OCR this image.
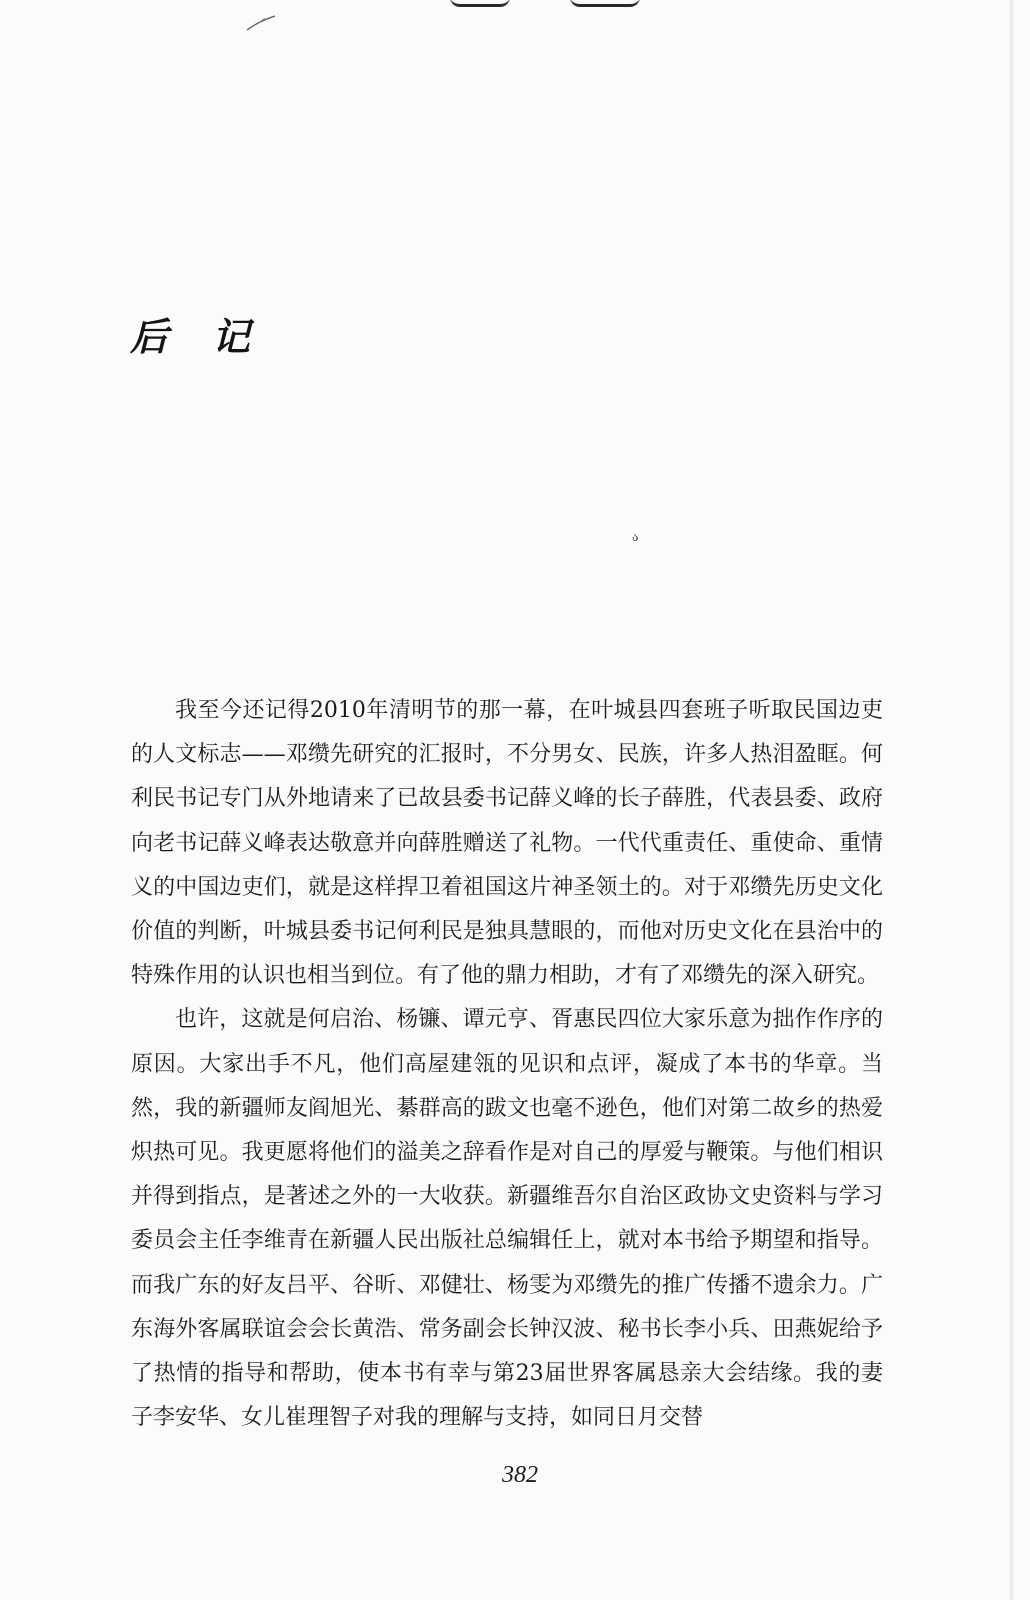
ა
后记

我至今还记得2010年清明节的那一幕，在叶城县四套班子听取民国边吏的人文标志——邓缵先研究的汇报时，不分男女、民族，许多人热泪盈眶。何利民书记专门从外地请来了已故县委书记薛义峰的长子薛胜，代表县委、政府向老书记薛义峰表达敬意并向薛胜赠送了礼物。一代代重责任、重使命、重情义的中国边吏们，就是这样捍卫着祖国这片神圣领土的。对于邓缵先历史文化价值的判断，叶城县委书记何利民是独具慧眼的，而他对历史文化在县治中的特殊作用的认识也相当到位。有了他的鼎力相助，才有了邓缵先的深入研究。

也许，这就是何启治、杨镰、谭元亨、胥惠民四位大家乐意为拙作作序的原因。大家出手不凡，他们高屋建瓴的见识和点评，凝成了本书的华章。当然，我的新疆师友阎旭光、綦群高的跋文也毫不逊色，他们对第二故乡的热爱炽热可见。我更愿将他们的溢美之辞看作是对自己的厚爱与鞭策。与他们相识并得到指点，是著述之外的一大收获。新疆维吾尔自治区政协文史资料与学习委员会主任李维青在新疆人民出版社总编辑任上，就对本书给予期望和指导。而我广东的好友吕平、谷昕、邓健壮、杨雯为邓缵先的推广传播不遗余力。广东海外客属联谊会会长黄浩、常务副会长钟汉波、秘书长李小兵、田燕妮给予了热情的指导和帮助，使本书有幸与第23届世界客属恳亲大会结缘。我的妻子李安华、女儿崔理智子对我的理解与支持，如同日月交替

382
